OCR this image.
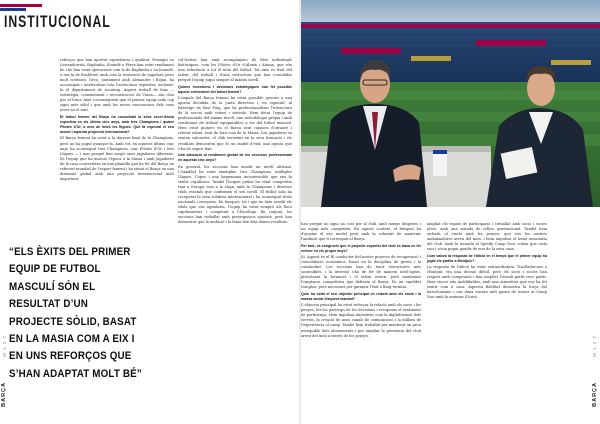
INSTITUCIONAL

reforços que han aportat experiència i qualitat. Pensiqui en Lewandowski, Raphinha, Koundé o Pèrez han estat rendiment bo i bo han estat operacions com la de Raphinha o en Koundé, o ara la de Rashford, amb com la renovació de jugadors joves molt cotitzats. Deco, juntament amb Alexandre i Bojan, ha aconseguit i modernitzat tota l'estructura esportiva, incloent-hi el departament de scouting. Aquest treball de fons —estratègia, coneixement i reconstrucció de l'àrea— són clau per al futur. Això s'aconsegueix que el primer equip cada cop sigui més sòlid i que amb les noves renovacions dels seus joves no el miri.

El futbol femení del Barça ha consolidat la seva excel·lència esportiva en els últims cinc anys, amb tres Champions i quatre Pilotes d'Or, a més de totes les lligues. Què fa especial el seu model i aquesta projecció internacional?

El Barça femení ha estat a la darrera final de la Champions, però no ha pogut guanyar-la. Amb tot, en aquests últims cinc anys ha aconseguit tres Champions, cinc Pilotes d'Or i tres Lligues — i mai perquè han sorgit unes jugadores diferents. Es l'equip que ha marcat l'època a la Masia i amb jugadores de la casa convertides en una plantilla que ha fet del Barça un referent mundial de l'esport femení i ha situat el Barça en una dimensió global amb una projecció internacional molt important.

col·lectiva han anat acompanyats de fites individuals històriques, com les Pilotes d'Or d'Alexia i Aitana, que són una referència a tot el món del futbol. Tot això és fruit del talent, del treball i d'una estructura que han consolidat perquè l'equip jugui sempre al màxim nivell.

Quines inversions i decisions estratègiques han fet possible aquest creixement del futbol femení?

L'impuls del Barça femení ha estat possible gràcies a una aposta decidida de la junta directiva i, en especial, al lideratge de Xavi Puig, que ha professionalitzat l'estructura de la secció amb criteri i mètode. Hem dotat l'equip de professionals del màxim nivell, una metodologia pròpia i amb condicions de treball equiparables a les del futbol masculí. Hem estat pioners en el Barça sent capaces d'atraure i retenir talent, tant de fora com de la Masia. Les jugadores se senten valorades, el club invertint en la seva formació i els resultats demostren que és un model d'èxit, una aposta que s'ha de seguir fent.

Una valoració al rendiment global de les seccions professionals en aquesta cinc anys?

En general, les seccions han assolit un nivell altíssim. L'handbol ha estat exemplar: tres Champions, múltiples Lligues, Copes i una hegemonia incontestable que ens fa sentir orgullosos. També l'hoquei patins ha estat competitiu tant a Europa com a la Lliga, amb la Champions i diversos títols estatals que confirmen el seu nivell. El futbol sala ha recuperat la seva solidesa internacional i ha aconseguit títols nacionals i europeus. En bàsquet, tot i que no hem assolit els títols que ens agradaria, l'equip ha estat sempre als llocs capdavanters i competint a l'Eurolliga. En conjunt, les seccions han treballat amb pressupostos ajustats, però han demostrat que la ambició i la feina ben feta donen resultats.

“ELS ÈXITS DEL PRIMER EQUIP DE FUTBOL MASCULÍ SÓN EL RESULTAT D’UN PROJECTE SÒLID, BASAT EN LA MASIA COM A EIX I EN UNS REFORÇOS QUE S’HAN ADAPTAT MOLT BÉ”
M 1 2 7
BARÇA

han perquè no sigui un cost per al club, amb menys despeses i un equip més competitiu. En aquest context, el bàsquet ha d'ajustar el seu model però amb la voluntat de mantenir l'ambició que li correspon al Barça.

Per tant, es congrueix que el projecte esportiu del club es basa en fer créixer en els proper anys?

Sí. Aquest és el fil conductor del nostre projecte de recuperació i consolidació econòmica, basat en la disciplina de gestió i la continuïtat. Les seccions han de tenir estructures més sostenibles, i la inversió s'ha de fer de manera intel·ligent, prioritzant la formació i el talent intern, però mantenint l'exigència competitiva que defineix el Barça. És un equilibri complex, però necessari per garantir l'èxit a llarg termini.

Quin ha estat el seu objectiu principal en relació amb els socis i la massa social d'aquest mandat?

L'objectiu principal ha estat reforçar la relació amb els socis i les penyes, fer-los partícips de les decisions i recuperar el sentiment de pertinença. Hem impulsat iniciatives com la digitalització dels serveis, la creació de nous canals de comunicació i la millora de l'experiència al camp. També hem treballat per mantenir un preu assequible dels abonaments i per ampliar la presència del club arreu del món a través de les penyes.

ampliat els espais de participació i treballat amb socis i socies joves, amb una mirada de relleu generacional. També hem enfortit el vincle amb les penyes, que són les nostres ambaixadores arreu del món, i hem impulsat el teixit associatiu del club. Amb la tornada al Spotify Camp Nou, volem que cada soci i sòcia pugui gaudir de nou de la seva casa.

Com valora la resposta de l'afició en el temps que el primer equip ha jugat els partits a Montjuïc?

La resposta de l'afició ha estat extraordinària. Traslladar-nos a Montjuïc era una decisió difícil, però els socis i sòcies han respost amb compromís i han omplert l'estadi partit rere partit. Hem viscut nits inoblidables, amb una atmosfera que ens ha fet sentir com a casa. Aquesta fidelitat demostra la força del barcelonisme i ens dona encara més ganes de tornar al Camp Nou amb la mateixa il·lusió.

M 1 2 7
BARÇA
